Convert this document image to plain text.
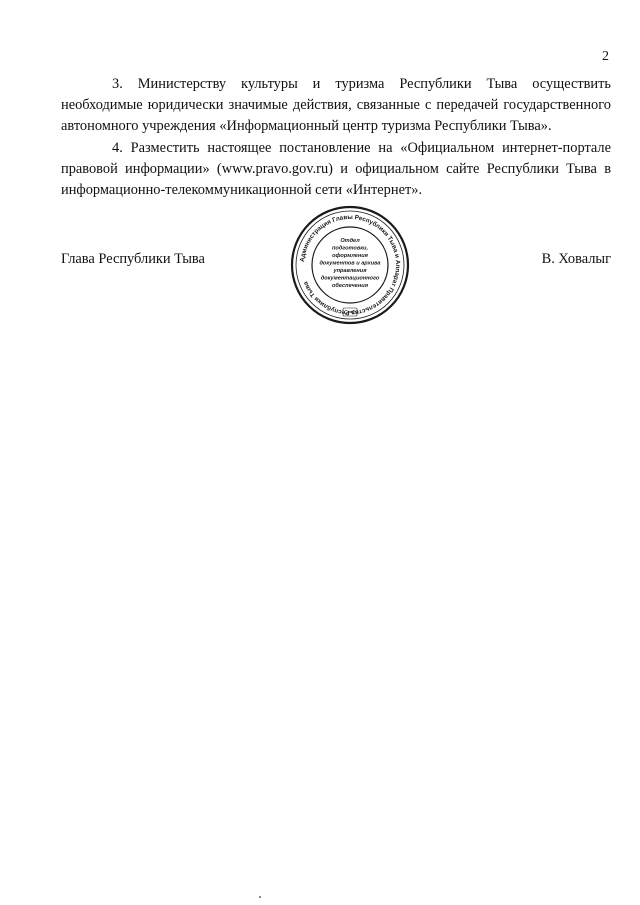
2

3. Министерству культуры и туризма Республики Тыва осуществить необходимые юридически значимые действия, связанные с передачей государственного автономного учреждения «Информационный центр туризма Республики Тыва».

4. Разместить настоящее постановление на «Официальном интернет-портале правовой информации» (www.pravo.gov.ru) и официальном сайте Республики Тыва в информационно-телекоммуникационной сети «Интернет».

Глава Республики Тыва	В. Ховалыг
Администрация Главы Республики Тыва и Аппарат Правительства Республики Тыва
Отдел
подготовки,
оформления
документов и архива
управления
документационного
обеспечения
